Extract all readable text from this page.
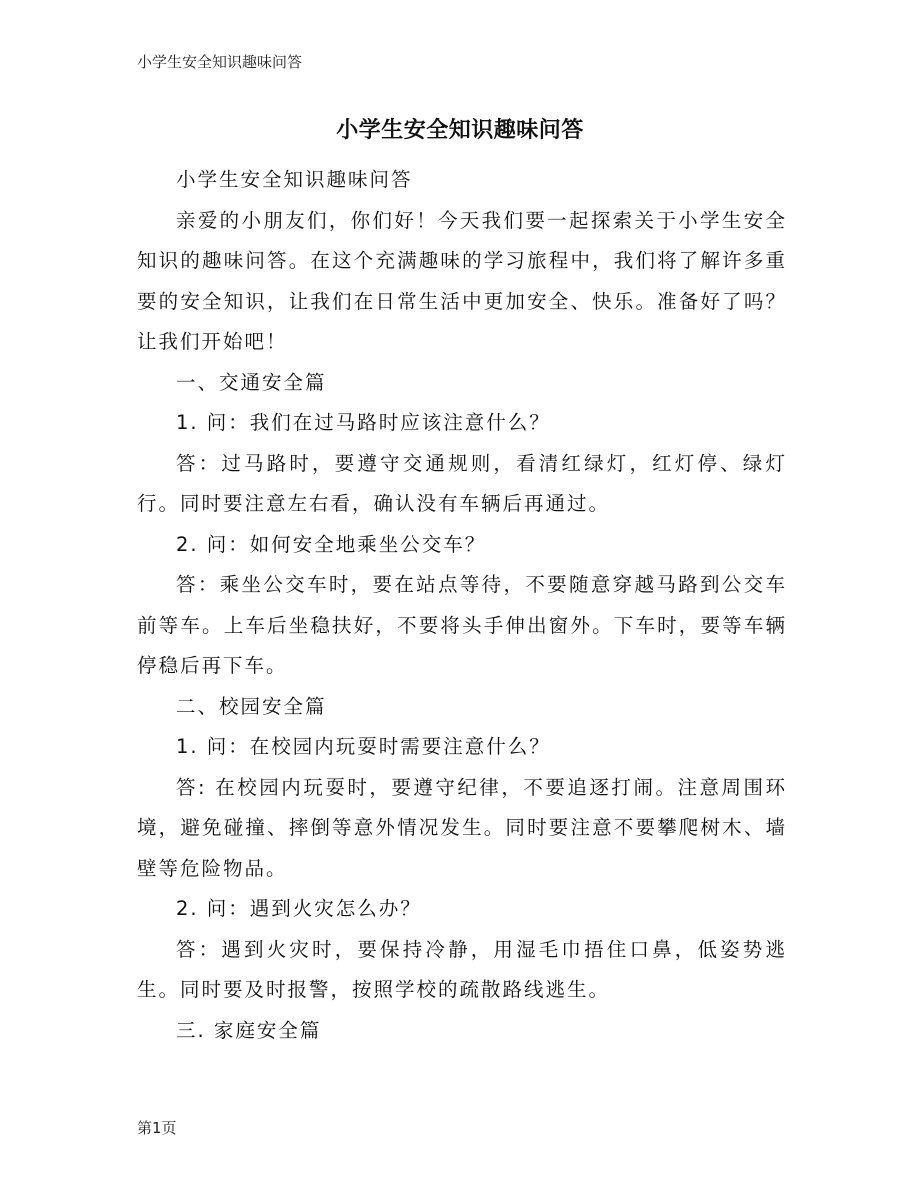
小学生安全知识趣味问答
小学生安全知识趣味问答

小学生安全知识趣味问答

亲爱的小朋友们，你们好！今天我们要一起探索关于小学生安全知识的趣味问答。在这个充满趣味的学习旅程中，我们将了解许多重要的安全知识，让我们在日常生活中更加安全、快乐。准备好了吗？让我们开始吧！

一、交通安全篇

1. 问：我们在过马路时应该注意什么？

答：过马路时，要遵守交通规则，看清红绿灯，红灯停、绿灯行。同时要注意左右看，确认没有车辆后再通过。

2. 问：如何安全地乘坐公交车？

答：乘坐公交车时，要在站点等待，不要随意穿越马路到公交车前等车。上车后坐稳扶好，不要将头手伸出窗外。下车时，要等车辆停稳后再下车。

二、校园安全篇

1. 问：在校园内玩耍时需要注意什么？

答: 在校园内玩耍时，要遵守纪律，不要追逐打闹。注意周围环境，避免碰撞、摔倒等意外情况发生。同时要注意不要攀爬树木、墙壁等危险物品。

2. 问：遇到火灾怎么办？

答：遇到火灾时，要保持冷静，用湿毛巾捂住口鼻，低姿势逃生。同时要及时报警，按照学校的疏散路线逃生。

三. 家庭安全篇

第1页
